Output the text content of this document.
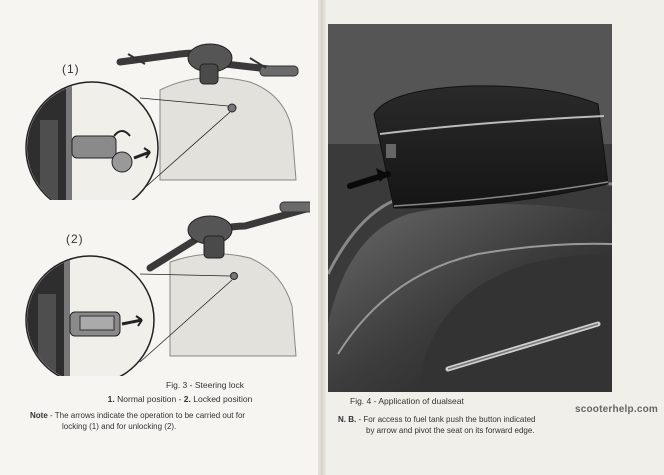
(1)
(2)
Fig. 3 - Steering lock
1. Normal position - 2. Locked position
Note - The arrows indicate the operation to be carried out for
locking (1) and for unlocking (2).
Fig. 4 - Application of dualseat
N. B. - For access to fuel tank push the button indicated
by arrow and pivot the seat on its forward edge.
scooterhelp.com
